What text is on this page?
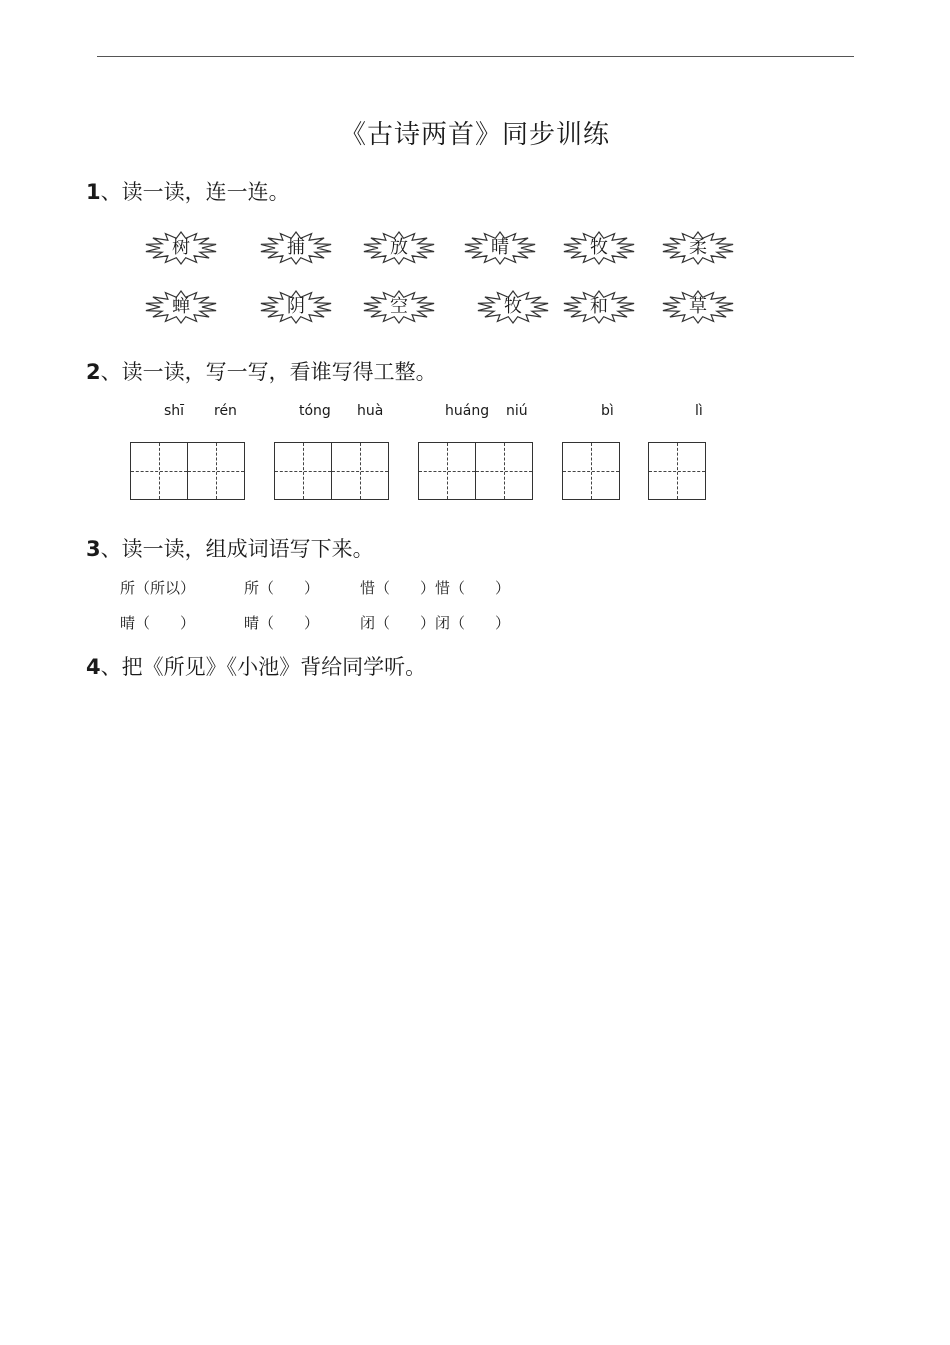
《古诗两首》同步训练
1、读一读，连一连。
树	捕	放	晴	牧	柔
蝉	阴	空	牧	和	草
2、读一读，写一写，看谁写得工整。
shī rén	tóng huà	huáng niú	bì	lì
3、读一读，组成词语写下来。
所（所以）	所（　　）	惜（　　）惜（　　）
晴（　　）	晴（　　）	闭（　　）闭（　　）
4、把《所见》《小池》背给同学听。
